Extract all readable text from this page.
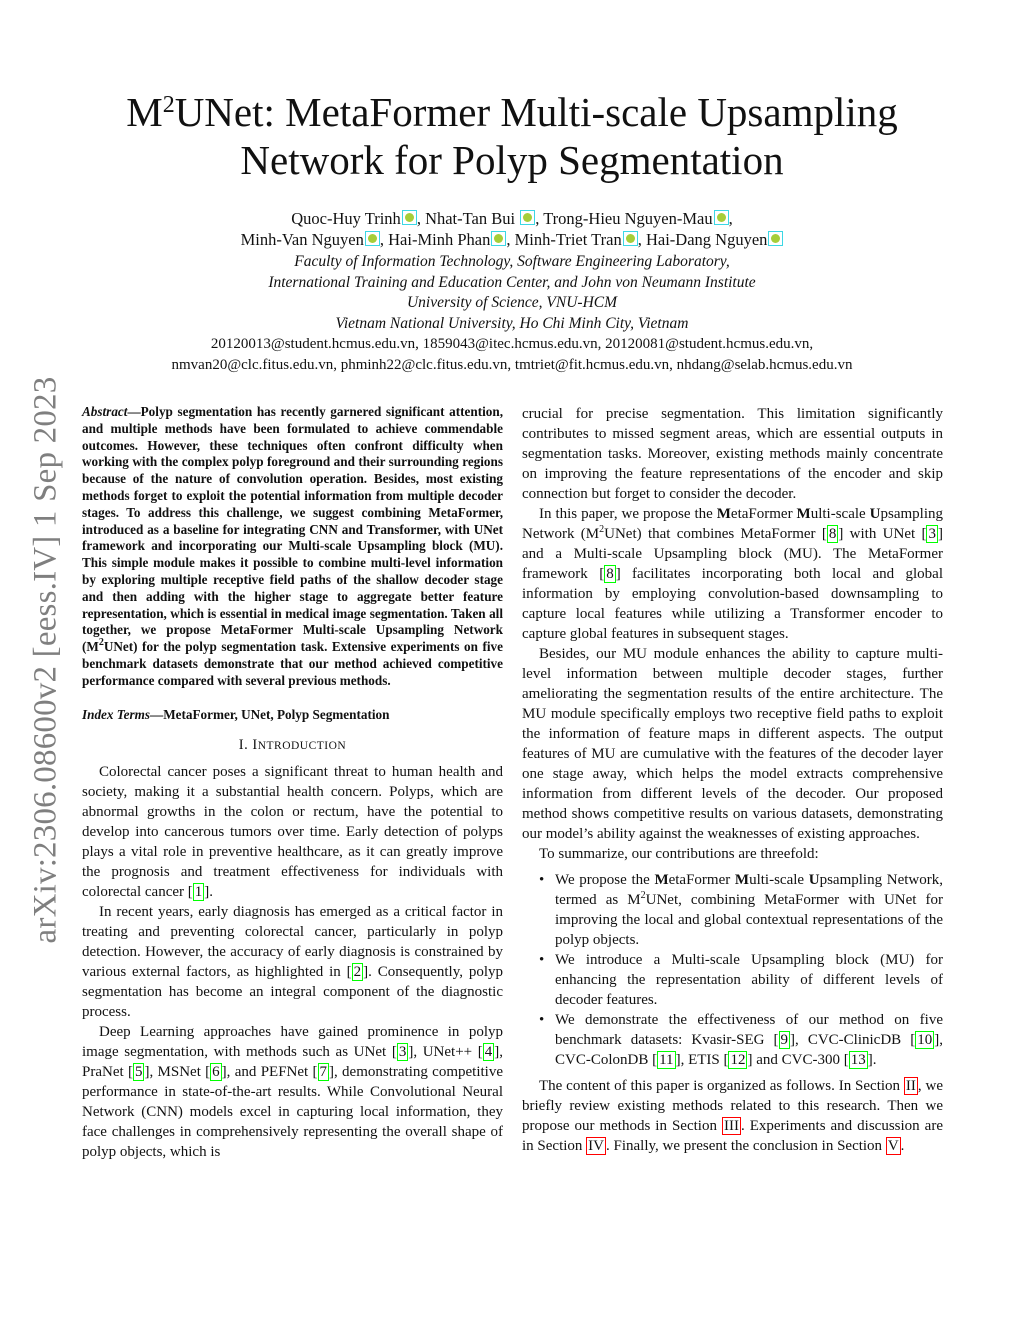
arXiv:2306.08600v2 [eess.IV] 1 Sep 2023
$M^2UNet$: MetaFormer Multi-scale Upsampling
Network for Polyp Segmentation
Quoc-Huy Trinh , Nhat-Tan Bui , Trong-Hieu Nguyen-Mau ,
Minh-Van Nguyen , Hai-Minh Phan , Minh-Triet Tran , Hai-Dang Nguyen
Faculty of Information Technology, Software Engineering Laboratory,
International Training and Education Center, and John von Neumann Institute
University of Science, VNU-HCM
Vietnam National University, Ho Chi Minh City, Vietnam
20120013@student.hcmus.edu.vn, 1859043@itec.hcmus.edu.vn, 20120081@student.hcmus.edu.vn,
nmvan20@clc.fitus.edu.vn, phminh22@clc.fitus.edu.vn, tmtriet@fit.hcmus.edu.vn, nhdang@selab.hcmus.edu.vn
Abstract—Polyp segmentation has recently garnered significant attention, and multiple methods have been formulated to achieve commendable outcomes. However, these techniques often confront difficulty when working with the complex polyp foreground and their surrounding regions because of the nature of convolution operation. Besides, most existing methods forget to exploit the potential information from multiple decoder stages. To address this challenge, we suggest combining MetaFormer, introduced as a baseline for integrating CNN and Transformer, with UNet framework and incorporating our Multi-scale Upsampling block (MU). This simple module makes it possible to combine multi-level information by exploring multiple receptive field paths of the shallow decoder stage and then adding with the higher stage to aggregate better feature representation, which is essential in medical image segmentation. Taken all together, we propose MetaFormer Multi-scale Upsampling Network $(M^2UNet)$ for the polyp segmentation task. Extensive experiments on five benchmark datasets demonstrate that our method achieved competitive performance compared with several previous methods.
Index Terms—MetaFormer, UNet, Polyp Segmentation
I. INTRODUCTION

Colorectal cancer poses a significant threat to human health and society, making it a substantial health concern. Polyps, which are abnormal growths in the colon or rectum, have the potential to develop into cancerous tumors over time. Early detection of polyps plays a vital role in preventive healthcare, as it can greatly improve the prognosis and treatment effectiveness for individuals with colorectal cancer [ 1 ].

In recent years, early diagnosis has emerged as a critical factor in treating and preventing colorectal cancer, particularly in polyp detection. However, the accuracy of early diagnosis is constrained by various external factors, as highlighted in [ 2 ]. Consequently, polyp segmentation has become an integral component of the diagnostic process.

Deep Learning approaches have gained prominence in polyp image segmentation, with methods such as UNet [ 3 ], UNet++ [ 4 ], PraNet [ 5 ], MSNet [ 6 ], and PEFNet [ 7 ], demonstrating competitive performance in state-of-the-art results. While Convolutional Neural Network (CNN) models excel in capturing local information, they face challenges in comprehensively representing the overall shape of polyp objects, which is

crucial for precise segmentation. This limitation significantly contributes to missed segment areas, which are essential outputs in segmentation tasks. Moreover, existing methods mainly concentrate on improving the feature representations of the encoder and skip connection but forget to consider the decoder.

In this paper, we propose the MetaFormer Multi-scale Upsampling Network $(M^2UNet)$ that combines MetaFormer [ 8 ] with UNet [ 3 ] and a Multi-scale Upsampling block (MU). The MetaFormer framework [ 8 ] facilitates incorporating both local and global information by employing convolution-based downsampling to capture local features while utilizing a Transformer encoder to capture global features in subsequent stages.

Besides, our MU module enhances the ability to capture multi-level information between multiple decoder stages, further ameliorating the segmentation results of the entire architecture. The MU module specifically employs two receptive field paths to exploit the information of feature maps in different aspects. The output features of MU are cumulative with the features of the decoder layer one stage away, which helps the model extracts comprehensive information from different levels of the decoder. Our proposed method shows competitive results on various datasets, demonstrating our model’s ability against the weaknesses of existing approaches.

To summarize, our contributions are threefold:

• We propose the MetaFormer Multi-scale Upsampling Network, termed as $M^2UNet$, combining MetaFormer with UNet for improving the local and global contextual representations of the polyp objects.
• We introduce a Multi-scale Upsampling block (MU) for enhancing the representation ability of different levels of decoder features.
• We demonstrate the effectiveness of our method on five benchmark datasets: Kvasir-SEG [ 9 ], CVC-ClinicDB [ 10 ], CVC-ColonDB [ 11 ], ETIS [ 12 ] and CVC-300 [ 13 ].

The content of this paper is organized as follows. In Section II , we briefly review existing methods related to this research. Then we propose our methods in Section III . Experiments and discussion are in Section IV . Finally, we present the conclusion in Section V .
